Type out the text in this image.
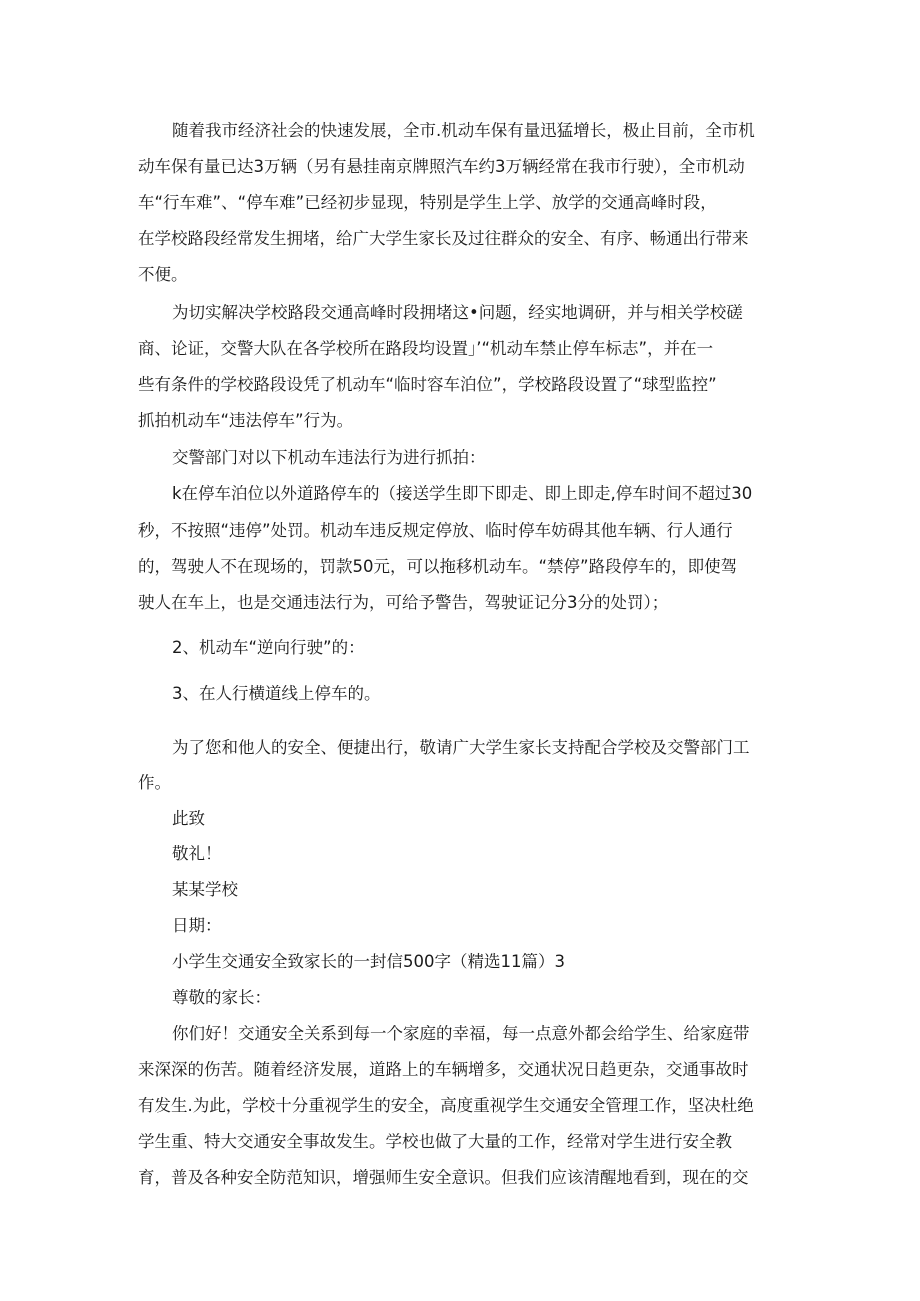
随着我市经济社会的快速发展，全市.机动车保有量迅猛增长，极止目前，全市机
动车保有量已达3万辆（另有悬挂南京牌照汽车约3万辆经常在我市行驶），全市机动
车“行车难”、“停车难”已经初步显现，特别是学生上学、放学的交通高峰时段，
在学校路段经常发生拥堵，给广大学生家长及过往群众的安全、有序、畅通出行带来
不便。
为切实解决学校路段交通高峰时段拥堵这•问题，经实地调研，并与相关学校磋
商、论证，交警大队在各学校所在路段均设置」’“机动车禁止停车标志”，并在一
些有条件的学校路段设凭了机动车“临时容车泊位”，学校路段设置了“球型监控”
抓拍机动车“违法停车”行为。
交警部门对以下机动车违法行为进行抓拍：
k在停车泊位以外道路停车的（接送学生即下即走、即上即走,停车时间不超过30
秒，不按照“违停”处罚。机动车违反规定停放、临时停车妨碍其他车辆、行人通行
的，驾驶人不在现场的，罚款50元，可以拖移机动车。“禁停”路段停车的，即使驾
驶人在车上，也是交通违法行为，可给予警告，驾驶证记分3分的处罚）；
2、机动车“逆向行驶”的：
3、在人行横道线上停车的。
为了您和他人的安全、便捷出行，敬请广大学生家长支持配合学校及交警部门工
作。
此致
敬礼！
某某学校
日期：
小学生交通安全致家长的一封信500字（精选11篇）3
尊敬的家长：
你们好！交通安全关系到每一个家庭的幸福，每一点意外都会给学生、给家庭带
来深深的伤苦。随着经济发展，道路上的车辆增多，交通状况日趋更杂，交通事故时
有发生.为此，学校十分重视学生的安全，高度重视学生交通安全管理工作，坚决杜绝
学生重、特大交通安全事故发生。学校也做了大量的工作，经常对学生进行安全教
育，普及各种安全防范知识，增强师生安全意识。但我们应该清醒地看到，现在的交
